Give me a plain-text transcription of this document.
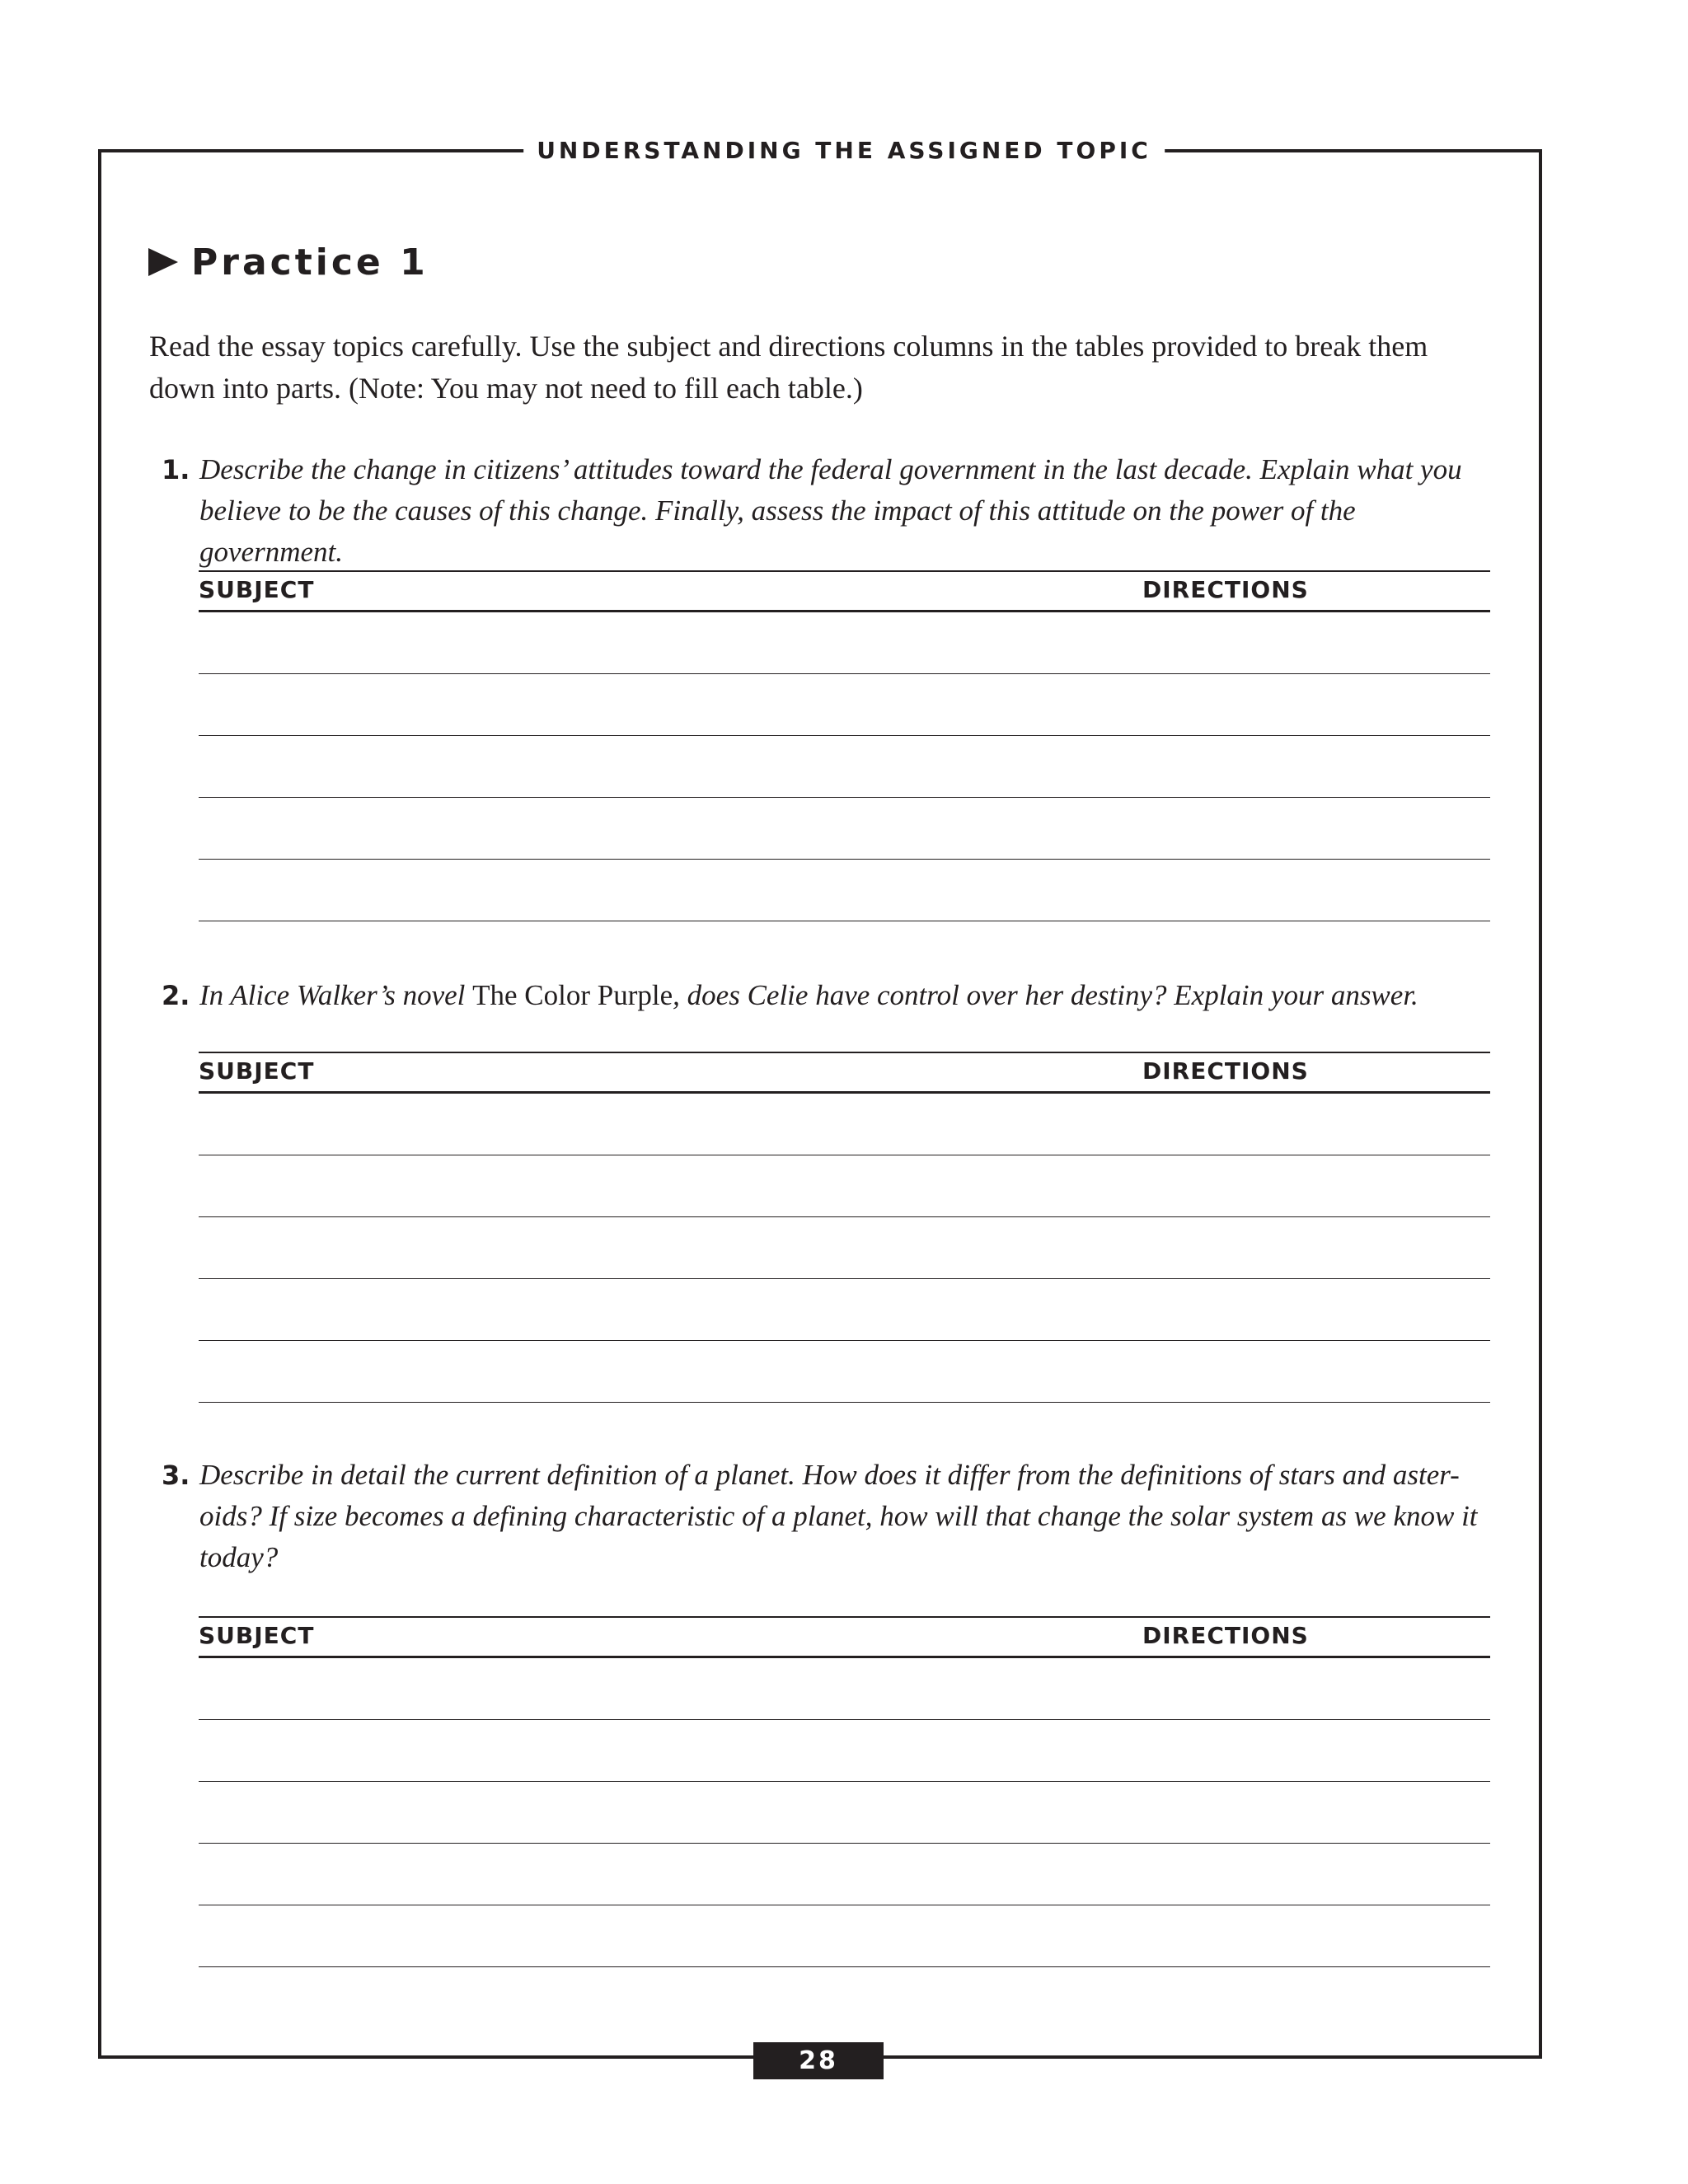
UNDERSTANDING THE ASSIGNED TOPIC
Practice 1

Read the essay topics carefully. Use the subject and directions columns in the tables provided to break them down into parts. (Note: You may not need to fill each table.)

1. Describe the change in citizens’ attitudes toward the federal government in the last decade. Explain what you believe to be the causes of this change. Finally, assess the impact of this attitude on the power of the government.

SUBJECT	DIRECTIONS
2. In Alice Walker’s novel The Color Purple, does Celie have control over her destiny? Explain your answer.

SUBJECT	DIRECTIONS
3. Describe in detail the current definition of a planet. How does it differ from the definitions of stars and aster-oids? If size becomes a defining characteristic of a planet, how will that change the solar system as we know it today?

SUBJECT	DIRECTIONS
28
